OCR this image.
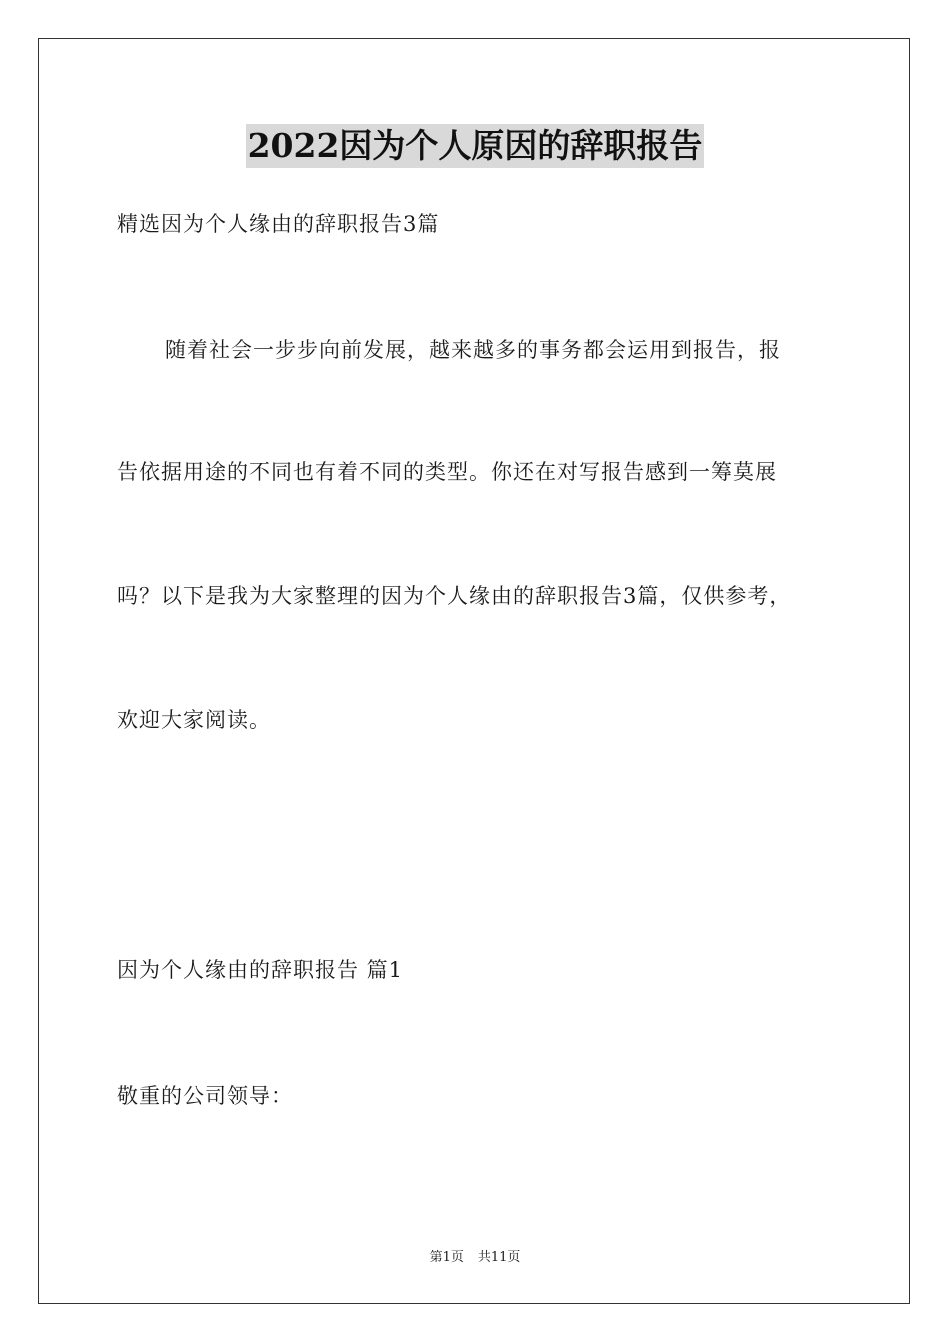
2022因为个人原因的辞职报告
精选因为个人缘由的辞职报告3篇
随着社会一步步向前发展，越来越多的事务都会运用到报告，报
告依据用途的不同也有着不同的类型。你还在对写报告感到一筹莫展
吗？以下是我为大家整理的因为个人缘由的辞职报告3篇，仅供参考，
欢迎大家阅读。
因为个人缘由的辞职报告 篇1
敬重的公司领导：
第1页 共11页
